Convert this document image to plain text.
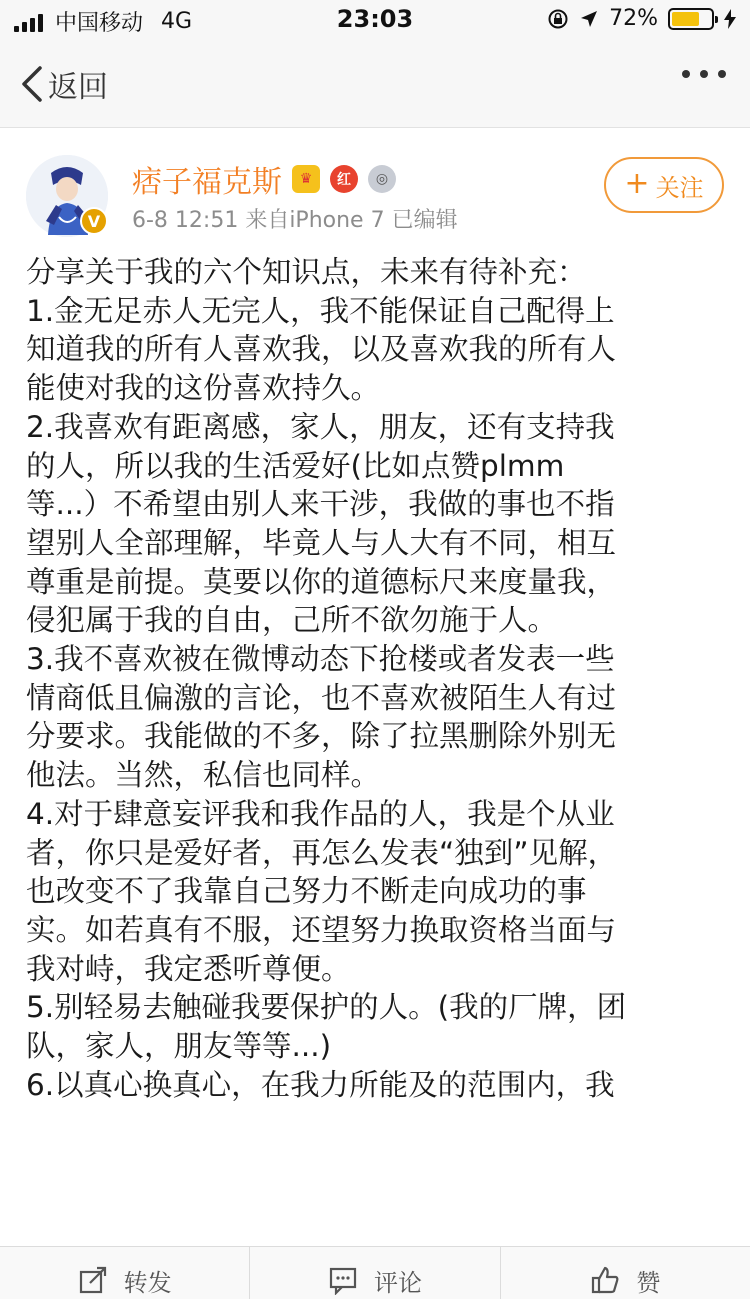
中国移动 4G	23:03	72%
返回
V
痞子福克斯	♛	红	◎
6-8 12:51 来自iPhone 7 已编辑
+ 关注

分享关于我的六个知识点，未来有待补充：

1.金无足赤人无完人，我不能保证自己配得上

知道我的所有人喜欢我，以及喜欢我的所有人

能使对我的这份喜欢持久。

2.我喜欢有距离感，家人，朋友，还有支持我

的人，所以我的生活爱好(比如点赞plmm

等...）不希望由别人来干涉，我做的事也不指

望别人全部理解，毕竟人与人大有不同，相互

尊重是前提。莫要以你的道德标尺来度量我，

侵犯属于我的自由，己所不欲勿施于人。

3.我不喜欢被在微博动态下抢楼或者发表一些

情商低且偏激的言论，也不喜欢被陌生人有过

分要求。我能做的不多，除了拉黑删除外别无

他法。当然，私信也同样。

4.对于肆意妄评我和我作品的人，我是个从业

者，你只是爱好者，再怎么发表“独到”见解，

也改变不了我靠自己努力不断走向成功的事

实。如若真有不服，还望努力换取资格当面与

我对峙，我定悉听尊便。

5.别轻易去触碰我要保护的人。(我的厂牌，团

队，家人，朋友等等...)

6.以真心换真心，在我力所能及的范围内，我

转发	评论	赞
